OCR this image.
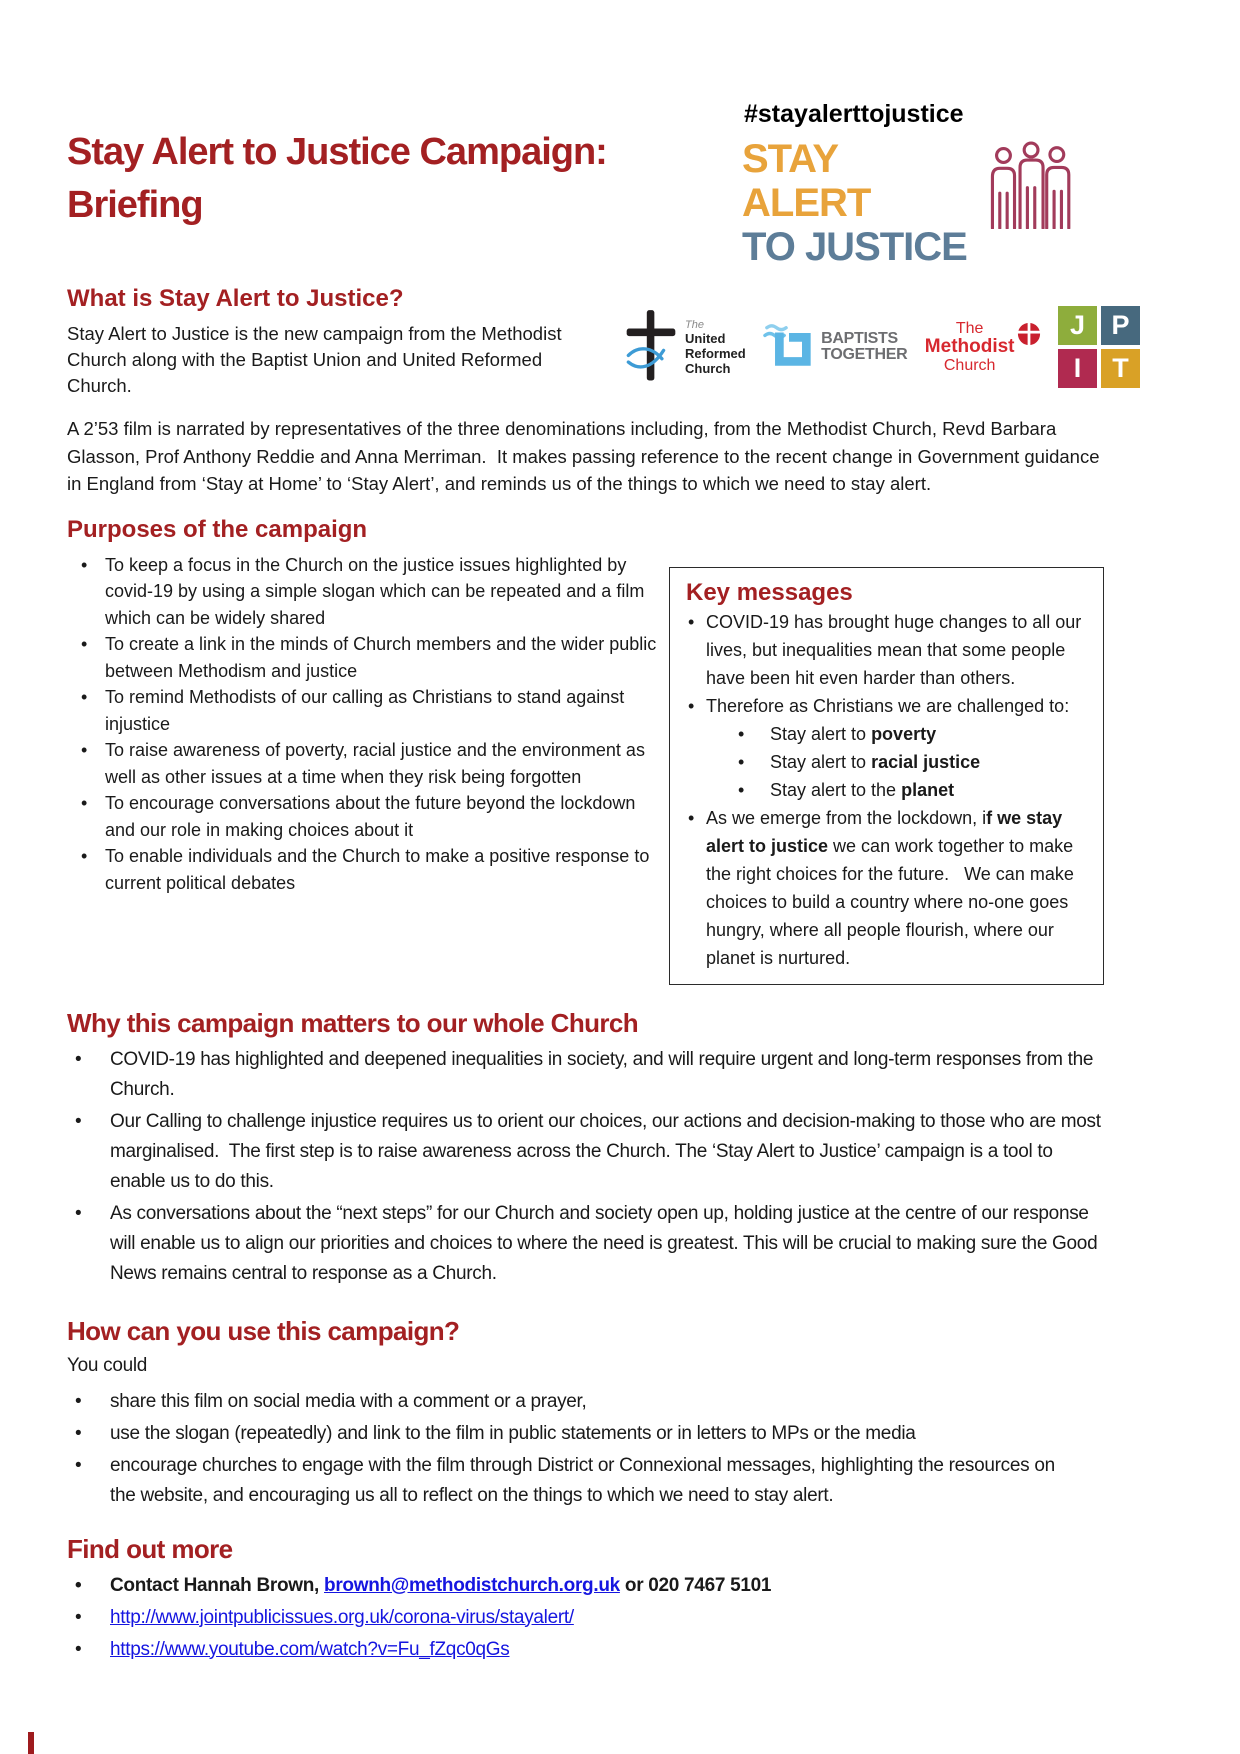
Stay Alert to Justice Campaign:
Briefing
#stayalerttojustice
STAY ALERT
TO JUSTICE
What is Stay Alert to Justice?

Stay Alert to Justice is the new campaign from the Methodist Church along with the Baptist Union and United Reformed Church.

The
United
Reformed
Church
BAPTISTS
TOGETHER
The
Methodist
Church
J P
I	T

A 2’53 film is narrated by representatives of the three denominations including, from the Methodist Church, Revd Barbara Glasson, Prof Anthony Reddie and Anna Merriman.  It makes passing reference to the recent change in Government guidance in England from ‘Stay at Home’ to ‘Stay Alert’, and reminds us of the things to which we need to stay alert.

Purposes of the campaign
• To keep a focus in the Church on the justice issues highlighted by covid-19 by using a simple slogan which can be repeated and a film which can be widely shared
• To create a link in the minds of Church members and the wider public between Methodism and justice
• To remind Methodists of our calling as Christians to stand against injustice
• To raise awareness of poverty, racial justice and the environment as well as other issues at a time when they risk being forgotten
• To encourage conversations about the future beyond the lockdown and our role in making choices about it
• To enable individuals and the Church to make a positive response to current political debates
Key messages
• COVID-19 has brought huge changes to all our lives, but inequalities mean that some people have been hit even harder than others.
• Therefore as Christians we are challenged to:
• Stay alert to poverty
• Stay alert to racial justice
• Stay alert to the planet
• As we emerge from the lockdown, if we stay alert to justice we can work together to make the right choices for the future.   We can make choices to build a country where no-one goes hungry, where all people flourish, where our planet is nurtured.
Why this campaign matters to our whole Church
• COVID-19 has highlighted and deepened inequalities in society, and will require urgent and long-term responses from the Church.
• Our Calling to challenge injustice requires us to orient our choices, our actions and decision-making to those who are most marginalised.  The first step is to raise awareness across the Church. The ‘Stay Alert to Justice’ campaign is a tool to enable us to do this.
• As conversations about the “next steps” for our Church and society open up, holding justice at the centre of our response will enable us to align our priorities and choices to where the need is greatest. This will be crucial to making sure the Good News remains central to response as a Church.
How can you use this campaign?

You could

• share this film on social media with a comment or a prayer,
• use the slogan (repeatedly) and link to the film in public statements or in letters to MPs or the media
• encourage churches to engage with the film through District or Connexional messages, highlighting the resources on the website, and encouraging us all to reflect on the things to which we need to stay alert.
Find out more
• Contact Hannah Brown, brownh@methodistchurch.org.uk or 020 7467 5101
• http://www.jointpublicissues.org.uk/corona-virus/stayalert/
• https://www.youtube.com/watch?v=Fu_fZqc0qGs
